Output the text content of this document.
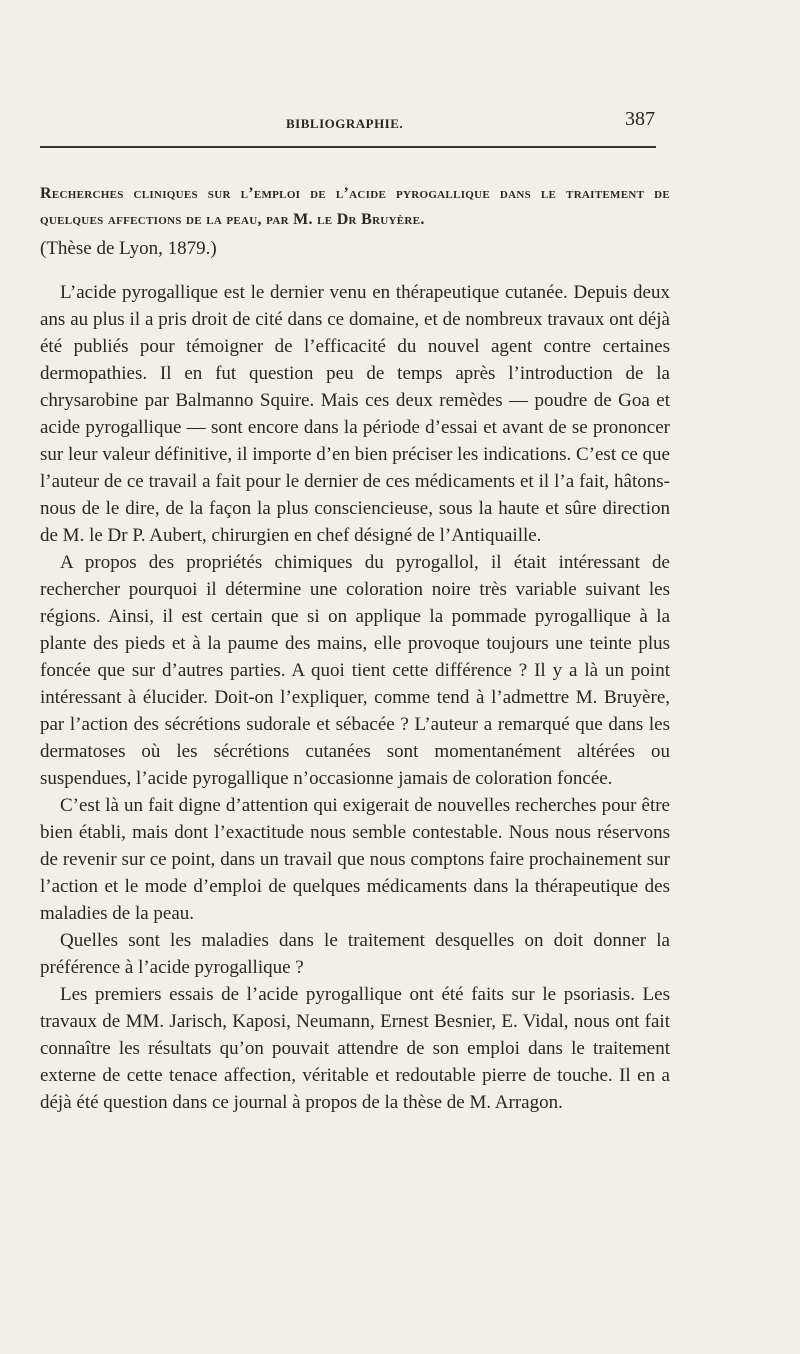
BIBLIOGRAPHIE.	387

Recherches cliniques sur l’emploi de l’acide pyrogallique dans le traitement de quelques affections de la peau, par M. le Dr Bruyère.

(Thèse de Lyon, 1879.)

L’acide pyrogallique est le dernier venu en thérapeutique cutanée. Depuis deux ans au plus il a pris droit de cité dans ce domaine, et de nombreux travaux ont déjà été publiés pour témoigner de l’efficacité du nouvel agent contre certaines dermopathies. Il en fut question peu de temps après l’introduction de la chrysarobine par Balmanno Squire. Mais ces deux remèdes — poudre de Goa et acide pyrogallique — sont encore dans la période d’essai et avant de se prononcer sur leur valeur définitive, il importe d’en bien préciser les indications. C’est ce que l’auteur de ce travail a fait pour le dernier de ces médicaments et il l’a fait, hâtons-nous de le dire, de la façon la plus consciencieuse, sous la haute et sûre direction de M. le Dr P. Aubert, chirurgien en chef désigné de l’Antiquaille.

A propos des propriétés chimiques du pyrogallol, il était intéressant de rechercher pourquoi il détermine une coloration noire très variable suivant les régions. Ainsi, il est certain que si on applique la pommade pyrogallique à la plante des pieds et à la paume des mains, elle provoque toujours une teinte plus foncée que sur d’autres parties. A quoi tient cette différence ? Il y a là un point intéressant à élucider. Doit-on l’expliquer, comme tend à l’admettre M. Bruyère, par l’action des sécrétions sudorale et sébacée ? L’auteur a remarqué que dans les dermatoses où les sécrétions cutanées sont momentanément altérées ou suspendues, l’acide pyrogallique n’occasionne jamais de coloration foncée.

C’est là un fait digne d’attention qui exigerait de nouvelles recherches pour être bien établi, mais dont l’exactitude nous semble contestable. Nous nous réservons de revenir sur ce point, dans un travail que nous comptons faire prochainement sur l’action et le mode d’emploi de quelques médicaments dans la thérapeutique des maladies de la peau.

Quelles sont les maladies dans le traitement desquelles on doit donner la préférence à l’acide pyrogallique ?

Les premiers essais de l’acide pyrogallique ont été faits sur le psoriasis. Les travaux de MM. Jarisch, Kaposi, Neumann, Ernest Besnier, E. Vidal, nous ont fait connaître les résultats qu’on pouvait attendre de son emploi dans le traitement externe de cette tenace affection, véritable et redoutable pierre de touche. Il en a déjà été question dans ce journal à propos de la thèse de M. Arragon.
